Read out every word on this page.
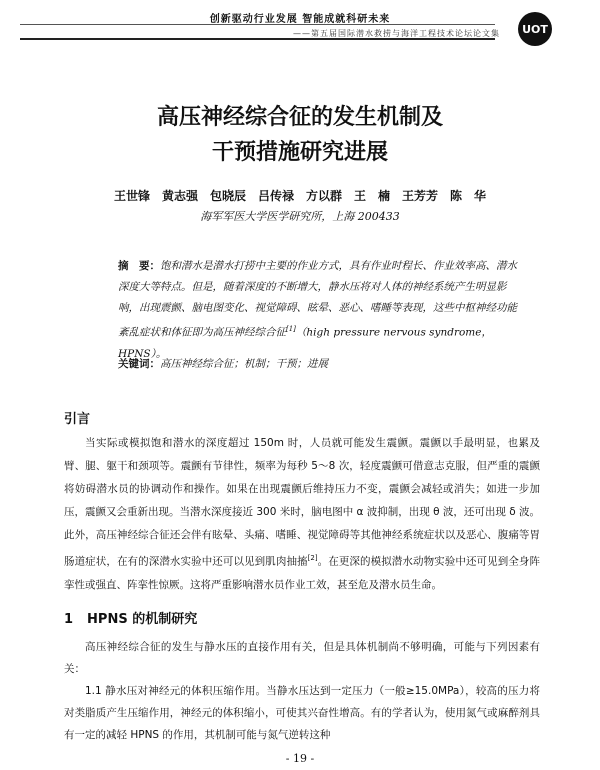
创新驱动行业发展 智能成就科研未来
——第五届国际潜水救捞与海洋工程技术论坛论文集	UOT
高压神经综合征的发生机制及
干预措施研究进展
王世锋　黄志强　包晓辰　吕传禄　方以群　王　楠　王芳芳　陈　华
海军军医大学医学研究所，上海 200433
摘　要：饱和潜水是潜水打捞中主要的作业方式，具有作业时程长、作业效率高、潜水深度大等特点。但是，随着深度的不断增大，静水压将对人体的神经系统产生明显影响，出现震颤、脑电图变化、视觉障碍、眩晕、恶心、嗜睡等表现，这些中枢神经功能紊乱症状和体征即为高压神经综合征[1]（high pressure nervous syndrome，HPNS）。
关键词：高压神经综合征；机制；干预；进展
引言

当实际或模拟饱和潜水的深度超过 150m 时，人员就可能发生震颤。震颤以手最明显，也累及臂、腿、躯干和颈项等。震颤有节律性，频率为每秒 5～8 次，轻度震颤可借意志克服，但严重的震颤将妨碍潜水员的协调动作和操作。如果在出现震颤后维持压力不变，震颤会减轻或消失；如进一步加压，震颤又会重新出现。当潜水深度接近 300 米时，脑电图中 α 波抑制，出现 θ 波，还可出现 δ 波。此外，高压神经综合征还会伴有眩晕、头痛、嗜睡、视觉障碍等其他神经系统症状以及恶心、腹痛等胃肠道症状，在有的深潜水实验中还可以见到肌肉抽搐[2]。在更深的模拟潜水动物实验中还可见到全身阵挛性或强直、阵挛性惊厥。这将严重影响潜水员作业工效，甚至危及潜水员生命。

1 HPNS 的机制研究

高压神经综合征的发生与静水压的直接作用有关，但是具体机制尚不够明确，可能与下列因素有关：

1.1 静水压对神经元的体积压缩作用。当静水压达到一定压力（一般≥15.0MPa），较高的压力将对类脂质产生压缩作用，神经元的体积缩小，可使其兴奋性增高。有的学者认为，使用氮气或麻醉剂具有一定的减轻 HPNS 的作用，其机制可能与氮气逆转这种

- 19 -
